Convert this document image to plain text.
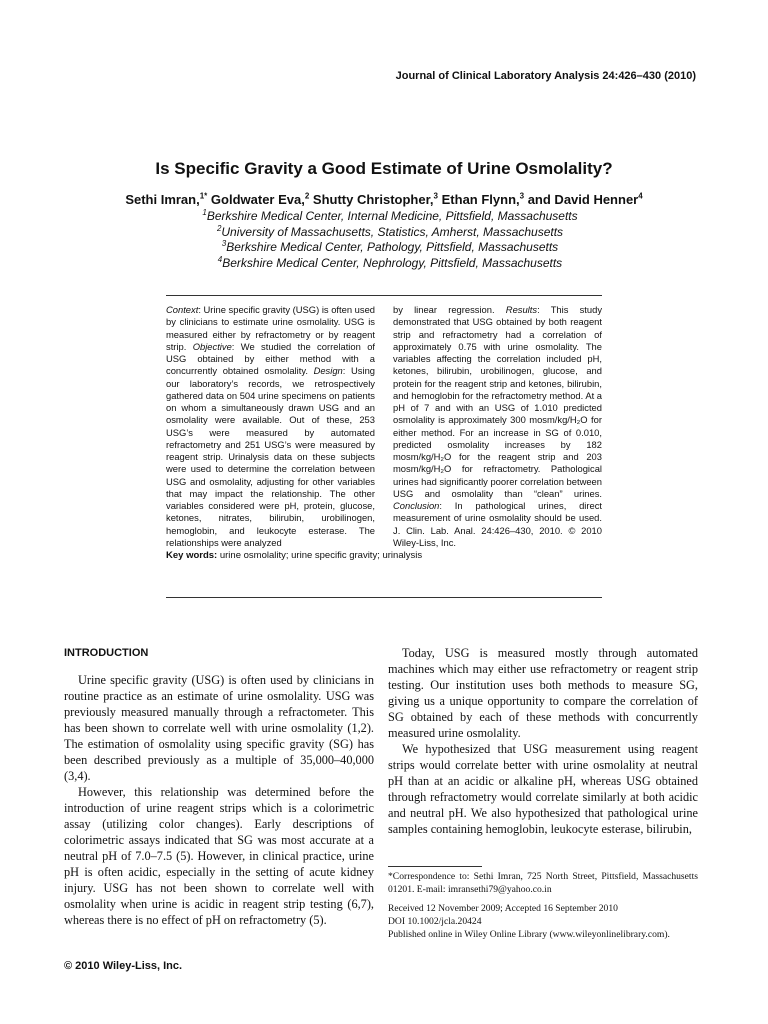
Journal of Clinical Laboratory Analysis 24:426–430 (2010)
Is Specific Gravity a Good Estimate of Urine Osmolality?
Sethi Imran,$^{1*}$ Goldwater Eva,$^2$ Shutty Christopher,$^3$ Ethan Flynn,$^3$ and David Henner$^4$
$^1$Berkshire Medical Center, Internal Medicine, Pittsfield, Massachusetts
$^2$University of Massachusetts, Statistics, Amherst, Massachusetts
$^3$Berkshire Medical Center, Pathology, Pittsfield, Massachusetts
$^4$Berkshire Medical Center, Nephrology, Pittsfield, Massachusetts

Context: Urine specific gravity (USG) is often used by clinicians to estimate urine osmolality. USG is measured either by refractometry or by reagent strip. Objective: We studied the correlation of USG obtained by either method with a concurrently obtained osmolality. Design: Using our laboratory’s records, we retrospectively gathered data on 504 urine specimens on patients on whom a simultaneously drawn USG and an osmolality were available. Out of these, 253 USG’s were measured by automated refractometry and 251 USG’s were measured by reagent strip. Urinalysis data on these subjects were used to determine the correlation between USG and osmolality, adjusting for other variables that may impact the relationship. The other variables considered were pH, protein, glucose, ketones, nitrates, bilirubin, urobilinogen, hemoglobin, and leukocyte esterase. The relationships were analyzed

by linear regression. Results: This study demonstrated that USG obtained by both reagent strip and refractometry had a correlation of approximately 0.75 with urine osmolality. The variables affecting the correlation included pH, ketones, bilirubin, urobilinogen, glucose, and protein for the reagent strip and ketones, bilirubin, and hemoglobin for the refractometry method. At a pH of 7 and with an USG of 1.010 predicted osmolality is approximately 300 mosm/kg/H₂O for either method. For an increase in SG of 0.010, predicted osmolality increases by 182 mosm/kg/H₂O for the reagent strip and 203 mosm/kg/H₂O for refractometry. Pathological urines had significantly poorer correlation between USG and osmolality than “clean” urines. Conclusion: In pathological urines, direct measurement of urine osmolality should be used. J. Clin. Lab. Anal. 24:426–430, 2010. © 2010 Wiley-Liss, Inc.

Key words: urine osmolality; urine specific gravity; urinalysis
INTRODUCTION

Urine specific gravity (USG) is often used by clinicians in routine practice as an estimate of urine osmolality. USG was previously measured manually through a refractometer. This has been shown to correlate well with urine osmolality (1,2). The estimation of osmolality using specific gravity (SG) has been described previously as a multiple of 35,000–40,000 (3,4).

However, this relationship was determined before the introduction of urine reagent strips which is a colorimetric assay (utilizing color changes). Early descriptions of colorimetric assays indicated that SG was most accurate at a neutral pH of 7.0–7.5 (5). However, in clinical practice, urine pH is often acidic, especially in the setting of acute kidney injury. USG has not been shown to correlate well with osmolality when urine is acidic in reagent strip testing (6,7), whereas there is no effect of pH on refractometry (5).

Today, USG is measured mostly through automated machines which may either use refractometry or reagent strip testing. Our institution uses both methods to measure SG, giving us a unique opportunity to compare the correlation of SG obtained by each of these methods with concurrently measured urine osmolality.

We hypothesized that USG measurement using reagent strips would correlate better with urine osmolality at neutral pH than at an acidic or alkaline pH, whereas USG obtained through refractometry would correlate similarly at both acidic and neutral pH. We also hypothesized that pathological urine samples containing hemoglobin, leukocyte esterase, bilirubin,

*Correspondence to: Sethi Imran, 725 North Street, Pittsfield, Massachusetts 01201. E-mail: imransethi79@yahoo.co.in

Received 12 November 2009; Accepted 16 September 2010

DOI 10.1002/jcla.20424

Published online in Wiley Online Library (www.wileyonlinelibrary.com).

© 2010 Wiley-Liss, Inc.
